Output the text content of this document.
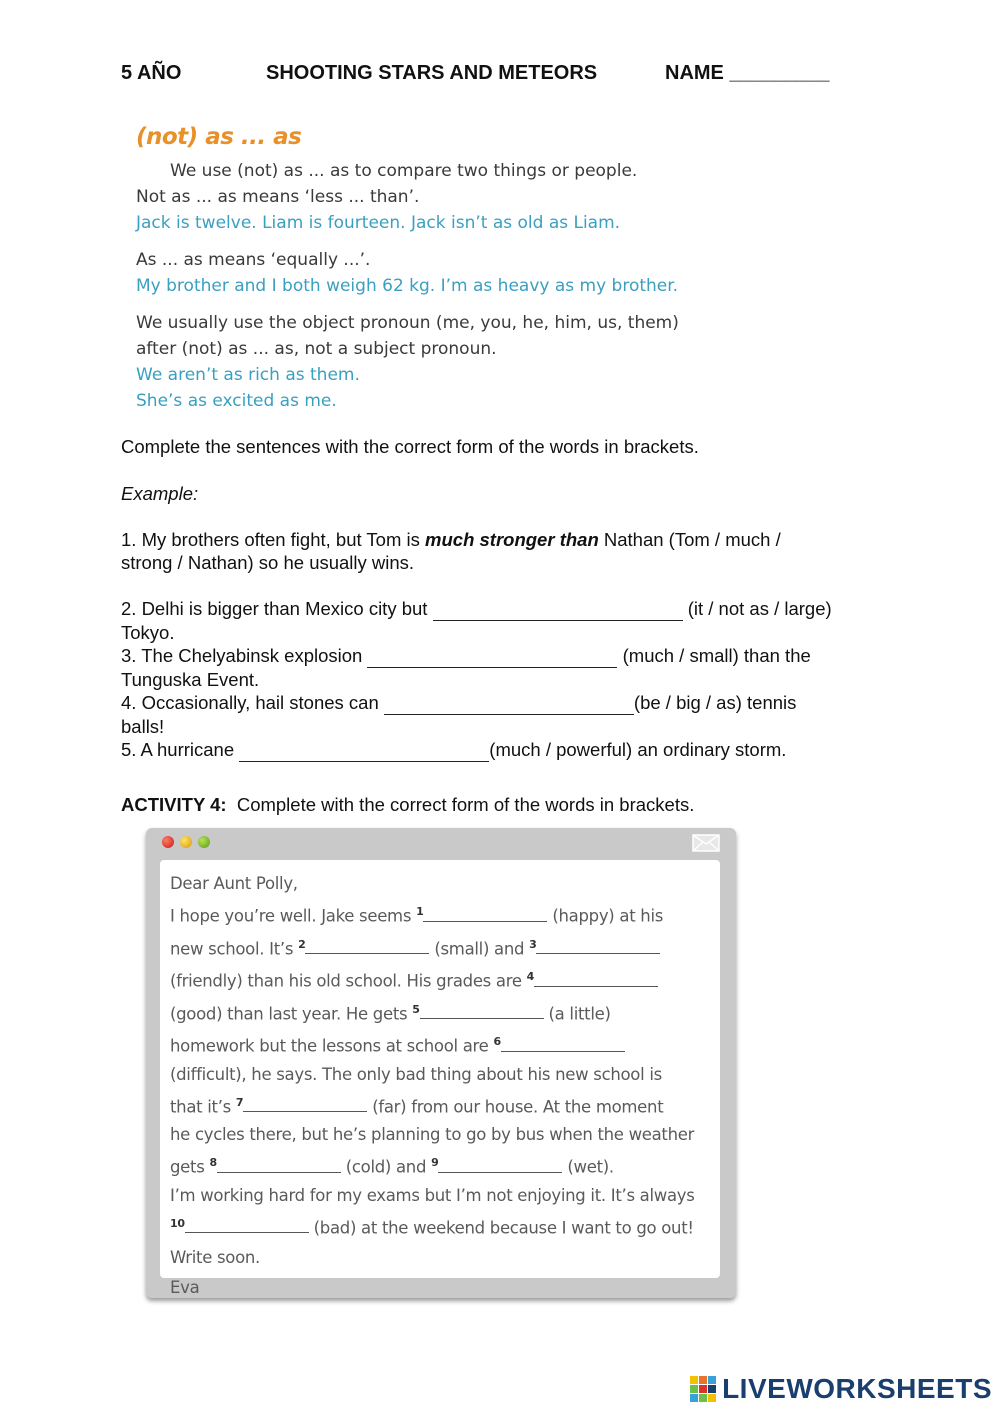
5 AÑO	SHOOTING STARS AND METEORS	NAME _________
(not) as ... as
We use (not) as ... as to compare two things or people.
Not as ... as means ‘less ... than’.
Jack is twelve. Liam is fourteen. Jack isn’t as old as Liam.
As ... as means ‘equally ...’.
My brother and I both weigh 62 kg. I’m as heavy as my brother.
We usually use the object pronoun (me, you, he, him, us, them)
after (not) as ... as, not a subject pronoun.
We aren’t as rich as them.
She’s as excited as me.
Complete the sentences with the correct form of the words in brackets.
Example:
1. My brothers often fight, but Tom is much stronger than Nathan (Tom / much /
strong / Nathan) so he usually wins.
2. Delhi is bigger than Mexico city but	(it / not as / large)
Tokyo.
3. The Chelyabinsk explosion	(much / small) than the
Tunguska Event.
4. Occasionally, hail stones can	(be / big / as) tennis
balls!
5. A hurricane	(much / powerful) an ordinary storm.
ACTIVITY 4: Complete with the correct form of the words in brackets.
Dear Aunt Polly,
I hope you’re well. Jake seems $^1$	(happy) at his
new school. It’s $^2$	(small) and $^3$
(friendly) than his old school. His grades are $^4$
(good) than last year. He gets $^5$	(a little)
homework but the lessons at school are $^6$
(difficult), he says. The only bad thing about his new school is
that it’s $^7$	(far) from our house. At the moment
he cycles there, but he’s planning to go by bus when the weather
gets $^8$	(cold) and $^9$	(wet).
I’m working hard for my exams but I’m not enjoying it. It’s always
$^{10}$	(bad) at the weekend because I want to go out!
Write soon.
Eva
LIVEWORKSHEETS
